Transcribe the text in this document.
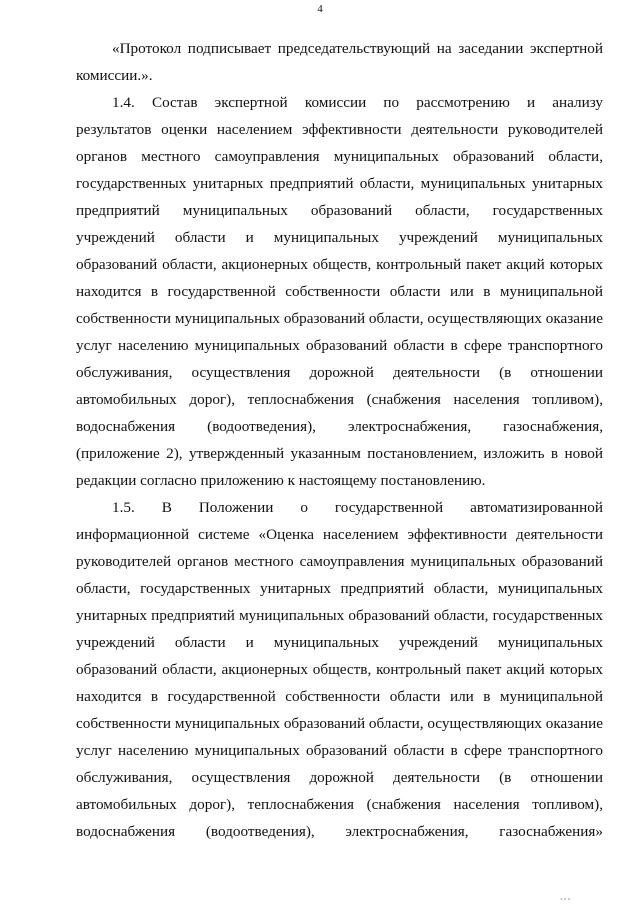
4
«Протокол подписывает председательствующий на заседании экспертной
комиссии.».
1.4. Состав экспертной комиссии по рассмотрению и анализу
результатов оценки населением эффективности деятельности руководителей
органов местного самоуправления муниципальных образований области,
государственных унитарных предприятий области, муниципальных унитарных
предприятий муниципальных образований области, государственных
учреждений области и муниципальных учреждений муниципальных
образований области, акционерных обществ, контрольный пакет акций которых
находится в государственной собственности области или в муниципальной
собственности муниципальных образований области, осуществляющих оказание
услуг населению муниципальных образований области в сфере транспортного
обслуживания, осуществления дорожной деятельности (в отношении
автомобильных дорог), теплоснабжения (снабжения населения топливом),
водоснабжения (водоотведения), электроснабжения, газоснабжения,
(приложение 2), утвержденный указанным постановлением, изложить в новой
редакции согласно приложению к настоящему постановлению.
1.5. В Положении о государственной автоматизированной
информационной системе «Оценка населением эффективности деятельности
руководителей органов местного самоуправления муниципальных образований
области, государственных унитарных предприятий области, муниципальных
унитарных предприятий муниципальных образований области, государственных
учреждений области и муниципальных учреждений муниципальных
образований области, акционерных обществ, контрольный пакет акций которых
находится в государственной собственности области или в муниципальной
собственности муниципальных образований области, осуществляющих оказание
услуг населению муниципальных образований области в сфере транспортного
обслуживания, осуществления дорожной деятельности (в отношении
автомобильных дорог), теплоснабжения (снабжения населения топливом),
водоснабжения (водоотведения), электроснабжения, газоснабжения»
•••
